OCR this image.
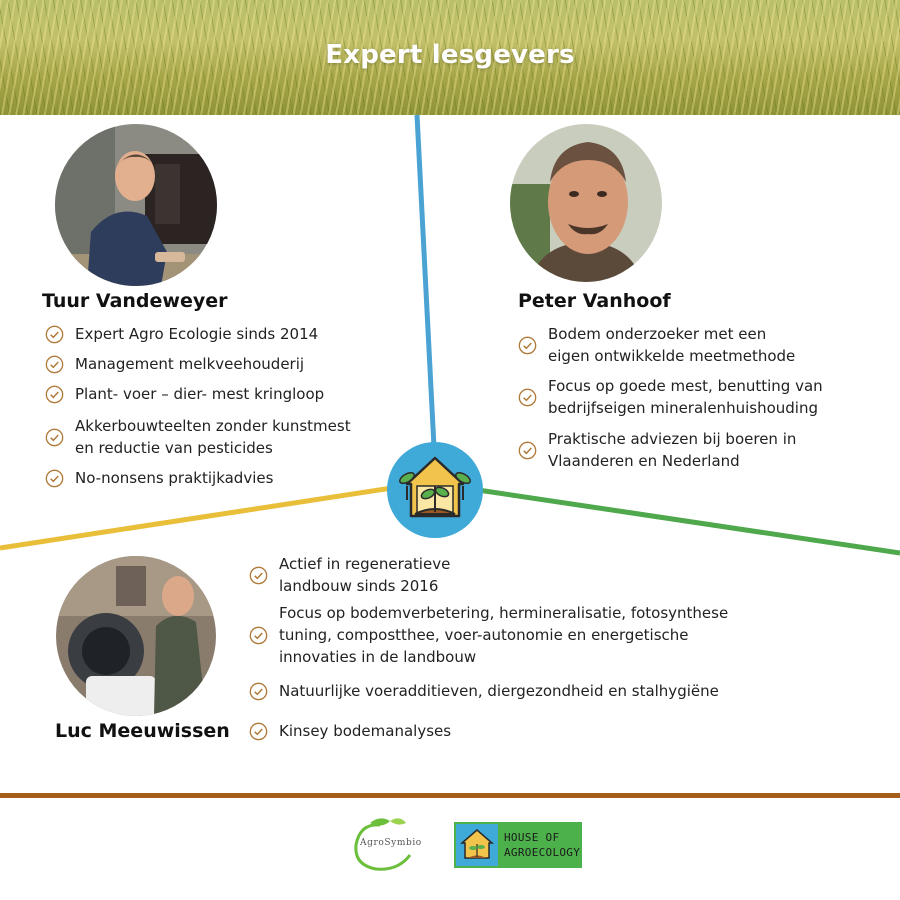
Expert lesgevers
Tuur Vandeweyer
Expert Agro Ecologie sinds 2014
Management melkveehouderij
Plant- voer – dier- mest kringloop
Akkerbouwteelten zonder kunstmest
en reductie van pesticides
No-nonsens praktijkadvies
Peter Vanhoof
Bodem onderzoeker met een
eigen ontwikkelde meetmethode
Focus op goede mest, benutting van
bedrijfseigen mineralenhuishouding
Praktische adviezen bij boeren in
Vlaanderen en Nederland
Luc Meeuwissen
Actief in regeneratieve
landbouw sinds 2016
Focus op bodemverbetering, hermineralisatie, fotosynthese
tuning, compostthee, voer-autonomie en energetische
innovaties in de landbouw
Natuurlijke voeradditieven, diergezondheid en stalhygiëne
Kinsey bodemanalyses
AgroSymbio	HOUSE OF
AGROECOLOGY
